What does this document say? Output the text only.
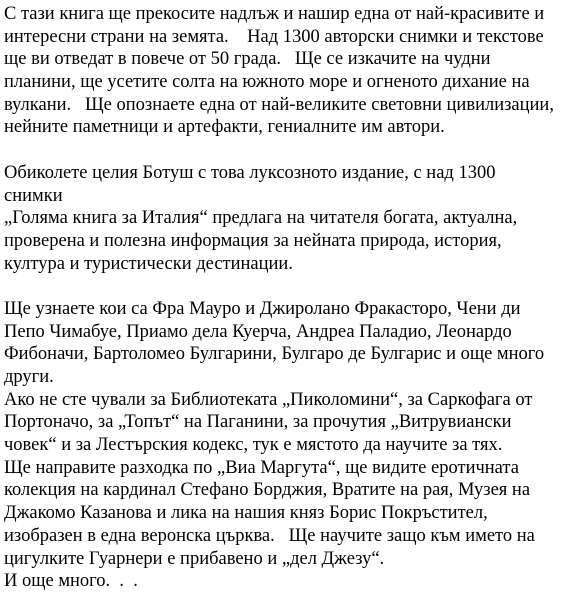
С тази книга ще прекосите надлъж и нашир една от най-красивите и
интересни страни на земята.    Над 1300 авторски снимки и текстове
ще ви отведат в повече от 50 града.   Ще се изкачите на чудни
планини, ще усетите солта на южното море и огненото дихание на
вулкани.   Ще опознаете една от най-великите световни цивилизации,
нейните паметници и артефакти, гениалните им автори.
Обиколете целия Ботуш с това луксозното издание, с над 1300
снимки
„Голяма книга за Италия“ предлага на читателя богата, актуална,
проверена и полезна информация за нейната природа, история,
култура и туристически дестинации.
Ще узнаете кои са Фра Мауро и Джиролано Фракасторо, Чени ди
Пепо Чимабуе, Приамо дела Куерча, Андреа Паладио, Леонардо
Фибоначи, Бартоломео Булгарини, Булгаро де Булгарис и още много
други.
Ако не сте чували за Библиотеката „Пиколомини“, за Саркофага от
Портоначо, за „Топът“ на Паганини, за прочутия „Витрувиански
човек“ и за Лестърския кодекс, тук е мястото да научите за тях.
Ще направите разходка по „Виа Маргута“, ще видите еротичната
колекция на кардинал Стефано Борджия, Вратите на рая, Музея на
Джакомо Казанова и лика на нашия княз Борис Покръстител,
изобразен в една веронска църква.   Ще научите защо към името на
цигулките Гуарнери е прибавено и „дел Джезу“.
И още много.  .  .
